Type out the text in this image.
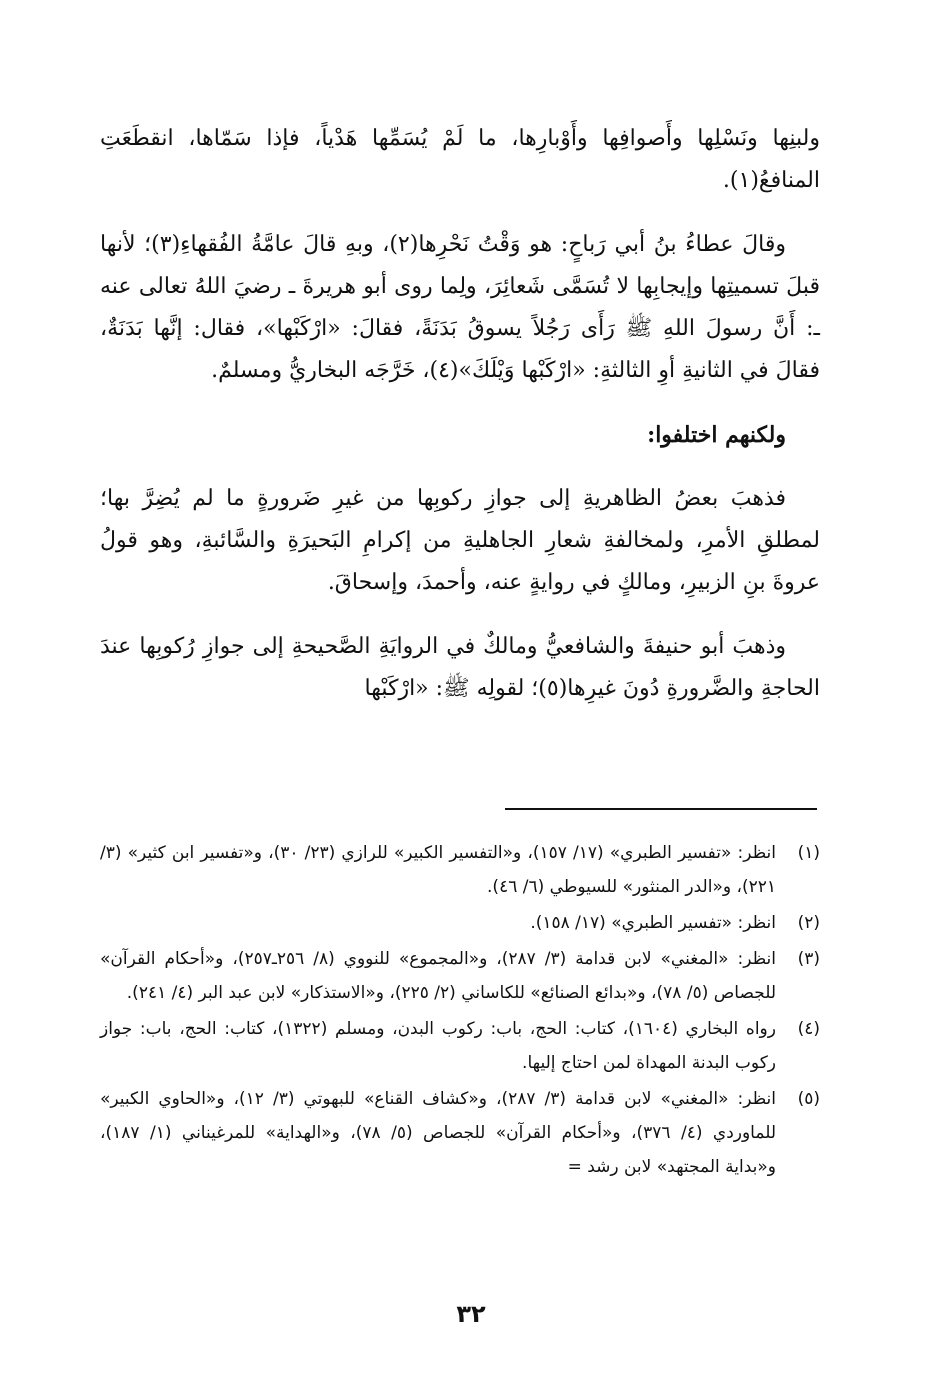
ولبنِها ونَسْلِها وأَصوافِها وأَوْبارِها، ما لَمْ يُسَمِّها هَدْياً، فإذا سَمّاها، انقطَعَتِ المنافعُ(١).

وقالَ عطاءُ بنُ أبي رَباحٍ: هو وَقْتُ نَحْرِها(٢)، وبهِ قالَ عامَّةُ الفُقهاءِ(٣)؛ لأنها قبلَ تسميتِها وإيجابِها لا تُسَمَّى شَعائِرَ، ولِما روى أبو هريرةَ ـ رضيَ اللهُ تعالى عنه ـ: أَنَّ رسولَ اللهِ ﷺ رَأَى رَجُلاً يسوقُ بَدَنَةً، فقالَ: «ارْكَبْها»، فقال: إنَّها بَدَنَةٌ، فقالَ في الثانيةِ أوِ الثالثةِ: «ارْكَبْها وَيْلَكَ»(٤)، خَرَّجَه البخاريُّ ومسلمٌ.

ولكنهم اختلفوا:

فذهبَ بعضُ الظاهريةِ إلى جوازِ ركوبِها من غيرِ ضَرورةٍ ما لم يُضِرَّ بها؛ لمطلقِ الأمرِ، ولمخالفةِ شعارِ الجاهليةِ من إكرامِ البَحيرَةِ والسَّائبةِ، وهو قولُ عروةَ بنِ الزبيرِ، ومالكٍ في روايةٍ عنه، وأحمدَ، وإسحاقَ.

وذهبَ أبو حنيفةَ والشافعيُّ ومالكٌ في الروايَةِ الصَّحيحةِ إلى جوازِ رُكوبِها عندَ الحاجةِ والضَّرورةِ دُونَ غيرِها(٥)؛ لقولِه ﷺ: «ارْكَبْها

(١)
انظر: «تفسير الطبري» (١٧/ ١٥٧)، و«التفسير الكبير» للرازي (٢٣/ ٣٠)، و«تفسير ابن كثير» (٣/ ٢٢١)، و«الدر المنثور» للسيوطي (٦/ ٤٦).
(٢)
انظر: «تفسير الطبري» (١٧/ ١٥٨).
(٣)
انظر: «المغني» لابن قدامة (٣/ ٢٨٧)، و«المجموع» للنووي (٨/ ٢٥٦ـ٢٥٧)، و«أحكام القرآن» للجصاص (٥/ ٧٨)، و«بدائع الصنائع» للكاساني (٢/ ٢٢٥)، و«الاستذكار» لابن عبد البر (٤/ ٢٤١).
(٤)
رواه البخاري (١٦٠٤)، كتاب: الحج، باب: ركوب البدن، ومسلم (١٣٢٢)، كتاب: الحج، باب: جواز ركوب البدنة المهداة لمن احتاج إليها.
(٥)
انظر: «المغني» لابن قدامة (٣/ ٢٨٧)، و«كشاف القناع» للبهوتي (٣/ ١٢)، و«الحاوي الكبير» للماوردي (٤/ ٣٧٦)، و«أحكام القرآن» للجصاص (٥/ ٧٨)، و«الهداية» للمرغيناني (١/ ١٨٧)، و«بداية المجتهد» لابن رشد =
٣٢
